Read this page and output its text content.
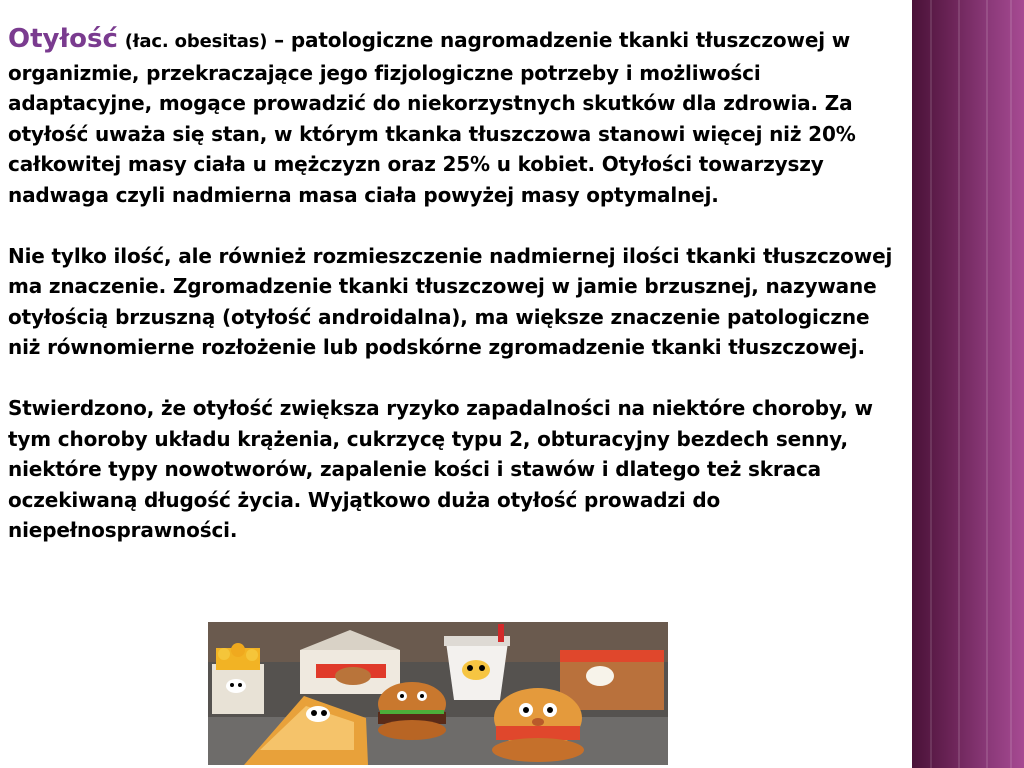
Otyłość (łac. obesitas) – patologiczne nagromadzenie tkanki tłuszczowej w organizmie, przekraczające jego fizjologiczne potrzeby i możliwości adaptacyjne, mogące prowadzić do niekorzystnych skutków dla zdrowia. Za otyłość uważa się stan, w którym tkanka tłuszczowa stanowi więcej niż 20% całkowitej masy ciała u mężczyzn oraz 25% u kobiet. Otyłości towarzyszy nadwaga czyli nadmierna masa ciała powyżej masy optymalnej.

Nie tylko ilość, ale również rozmieszczenie nadmiernej ilości tkanki tłuszczowej ma znaczenie. Zgromadzenie tkanki tłuszczowej w jamie brzusznej, nazywane otyłością brzuszną (otyłość androidalna), ma większe znaczenie patologiczne niż równomierne rozłożenie lub podskórne zgromadzenie tkanki tłuszczowej.

Stwierdzono, że otyłość zwiększa ryzyko zapadalności na niektóre choroby, w tym choroby układu krążenia, cukrzycę typu 2, obturacyjny bezdech senny, niektóre typy nowotworów, zapalenie kości i stawów i dlatego też skraca oczekiwaną długość życia. Wyjątkowo duża otyłość prowadzi do niepełnosprawności.
